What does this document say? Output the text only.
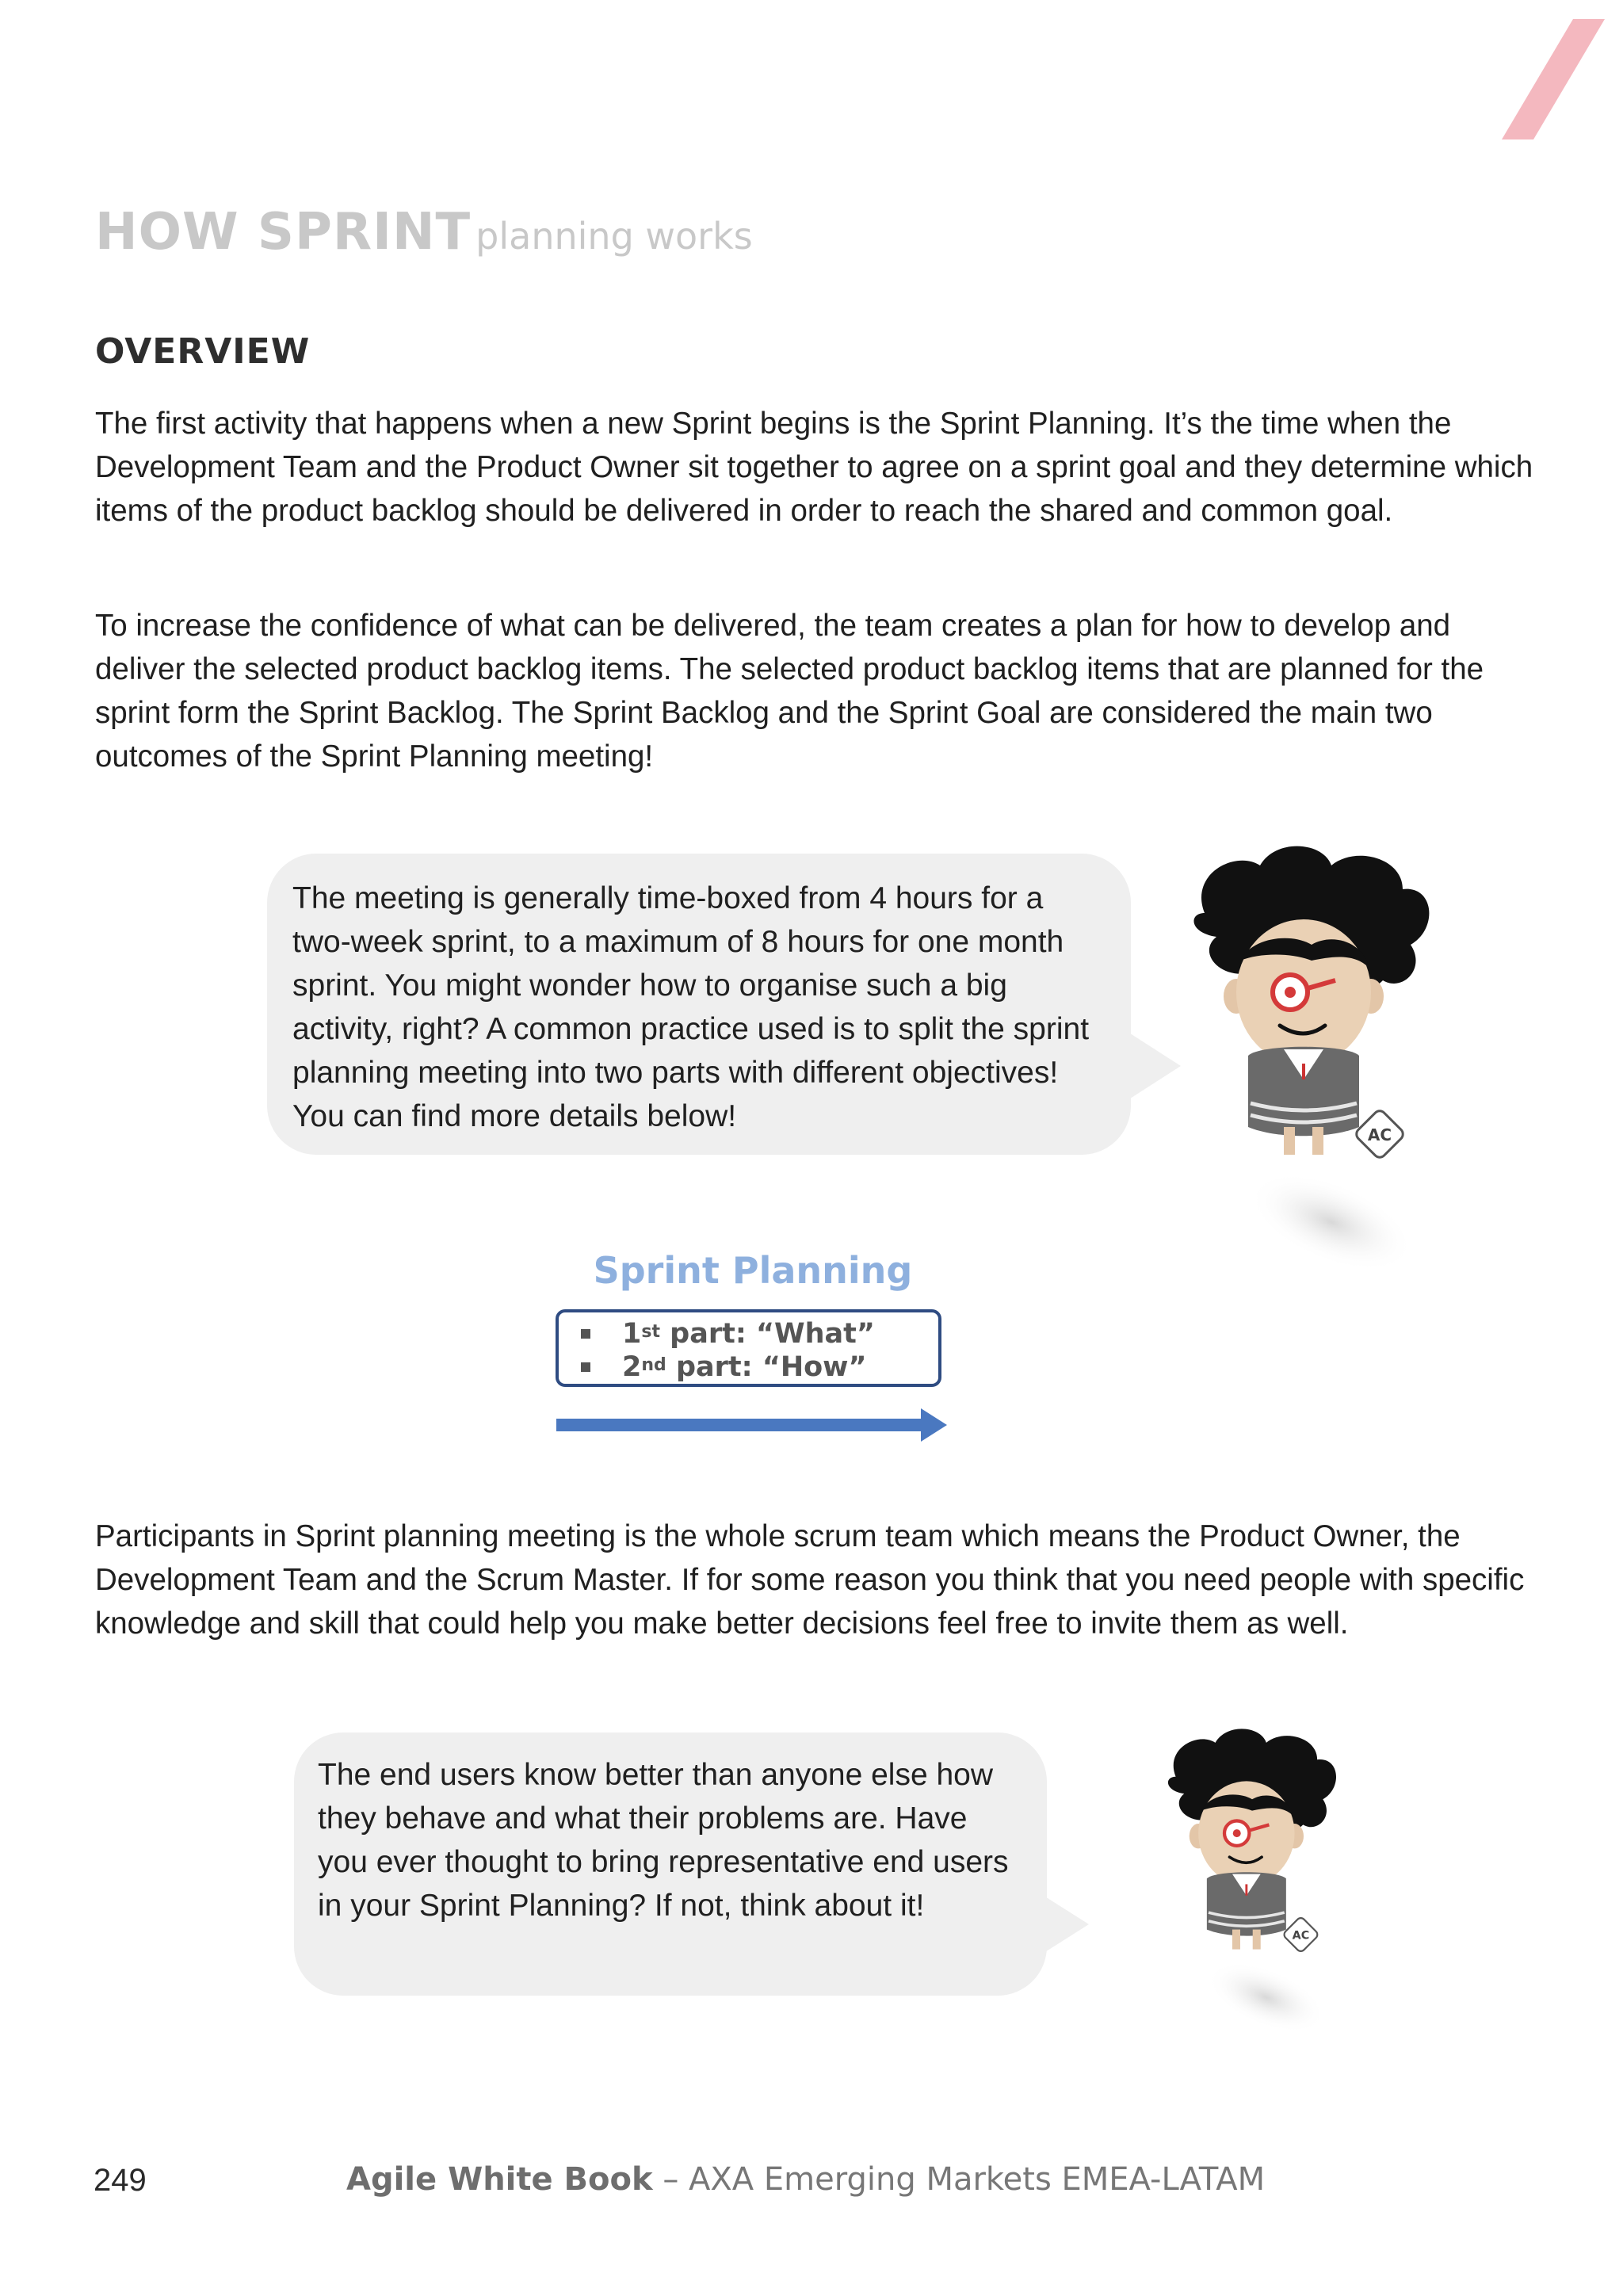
HOW SPRINT planning works
OVERVIEW

The first activity that happens when a new Sprint begins is the Sprint Planning. It’s the time when the Development Team and the Product Owner sit together to agree on a sprint goal and they determine which items of the product backlog should be delivered in order to reach the shared and common goal.

To increase the confidence of what can be delivered, the team creates a plan for how to develop and deliver the selected product backlog items. The selected product backlog items that are planned for the sprint form the Sprint Backlog. The Sprint Backlog and the Sprint Goal are considered the main two outcomes of the Sprint Planning meeting!

The meeting is generally time-boxed from 4 hours for a two-week sprint, to a maximum of 8 hours for one month sprint. You might wonder how to organise such a big activity, right? A common practice used is to split the sprint planning meeting into two parts with different objectives! You can find more details below!
AC
Sprint Planning
1st
part: “What”
2nd
part: “How”

Participants in Sprint planning meeting is the whole scrum team which means the Product Owner, the Development Team and the Scrum Master. If for some reason you think that you need people with specific knowledge and skill that could help you make better decisions feel free to invite them as well.

The end users know better than anyone else how they behave and what their problems are. Have you ever thought to bring representative end users in your Sprint Planning? If not, think about it!
AC
249	Agile White Book – AXA Emerging Markets EMEA-LATAM
